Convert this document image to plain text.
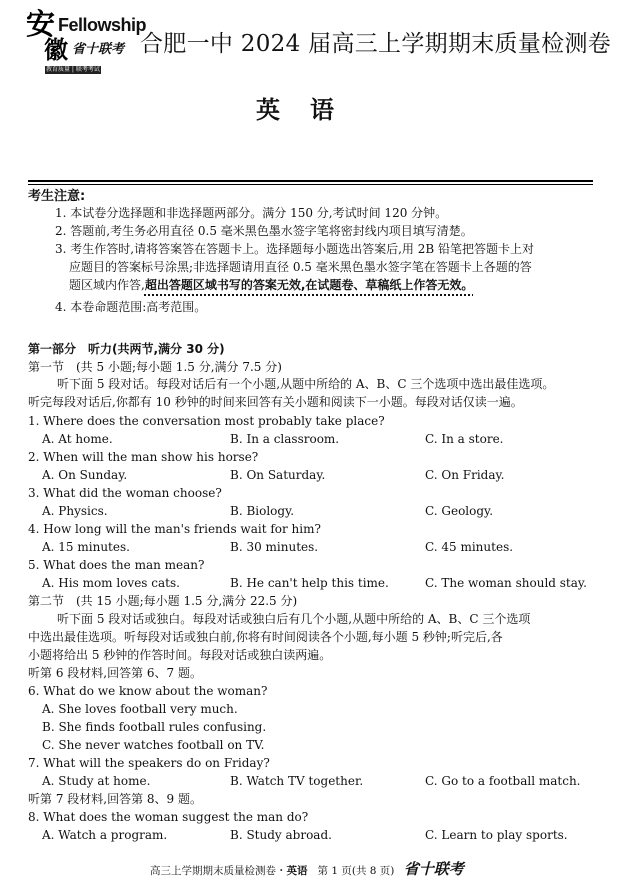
安
徽
Fellowship
省十联考
教育质量 | 联考考试
合肥一中 2024 届高三上学期期末质量检测卷
英语
考生注意:
1. 本试卷分选择题和非选择题两部分。满分 150 分,考试时间 120 分钟。
2. 答题前,考生务必用直径 0.5 毫米黑色墨水签字笔将密封线内项目填写清楚。
3. 考生作答时,请将答案答在答题卡上。选择题每小题选出答案后,用 2B 铅笔把答题卡上对
应题目的答案标号涂黑;非选择题请用直径 0.5 毫米黑色墨水签字笔在答题卡上各题的答
题区域内作答,超出答题区域书写的答案无效,在试题卷、草稿纸上作答无效。
4. 本卷命题范围:高考范围。
第一部分　听力(共两节,满分 30 分)
第一节　(共 5 小题;每小题 1.5 分,满分 7.5 分)
听下面 5 段对话。每段对话后有一个小题,从题中所给的 A、B、C 三个选项中选出最佳选项。
听完每段对话后,你都有 10 秒钟的时间来回答有关小题和阅读下一小题。每段对话仅读一遍。
1. Where does the conversation most probably take place?
A. At home.	B. In a classroom.	C. In a store.
2. When will the man show his horse?
A. On Sunday.	B. On Saturday.	C. On Friday.
3. What did the woman choose?
A. Physics.	B. Biology.	C. Geology.
4. How long will the man's friends wait for him?
A. 15 minutes.	B. 30 minutes.	C. 45 minutes.
5. What does the man mean?
A. His mom loves cats.	B. He can't help this time.	C. The woman should stay.
第二节　(共 15 小题;每小题 1.5 分,满分 22.5 分)
听下面 5 段对话或独白。每段对话或独白后有几个小题,从题中所给的 A、B、C 三个选项
中选出最佳选项。听每段对话或独白前,你将有时间阅读各个小题,每小题 5 秒钟;听完后,各
小题将给出 5 秒钟的作答时间。每段对话或独白读两遍。
听第 6 段材料,回答第 6、7 题。
6. What do we know about the woman?
A. She loves football very much.
B. She finds football rules confusing.
C. She never watches football on TV.
7. What will the speakers do on Friday?
A. Study at home.	B. Watch TV together.	C. Go to a football match.
听第 7 段材料,回答第 8、9 题。
8. What does the woman suggest the man do?
A. Watch a program.	B. Study abroad.	C. Learn to play sports.
高三上学期期末质量检测卷・英语 第 1 页(共 8 页) 省十联考
